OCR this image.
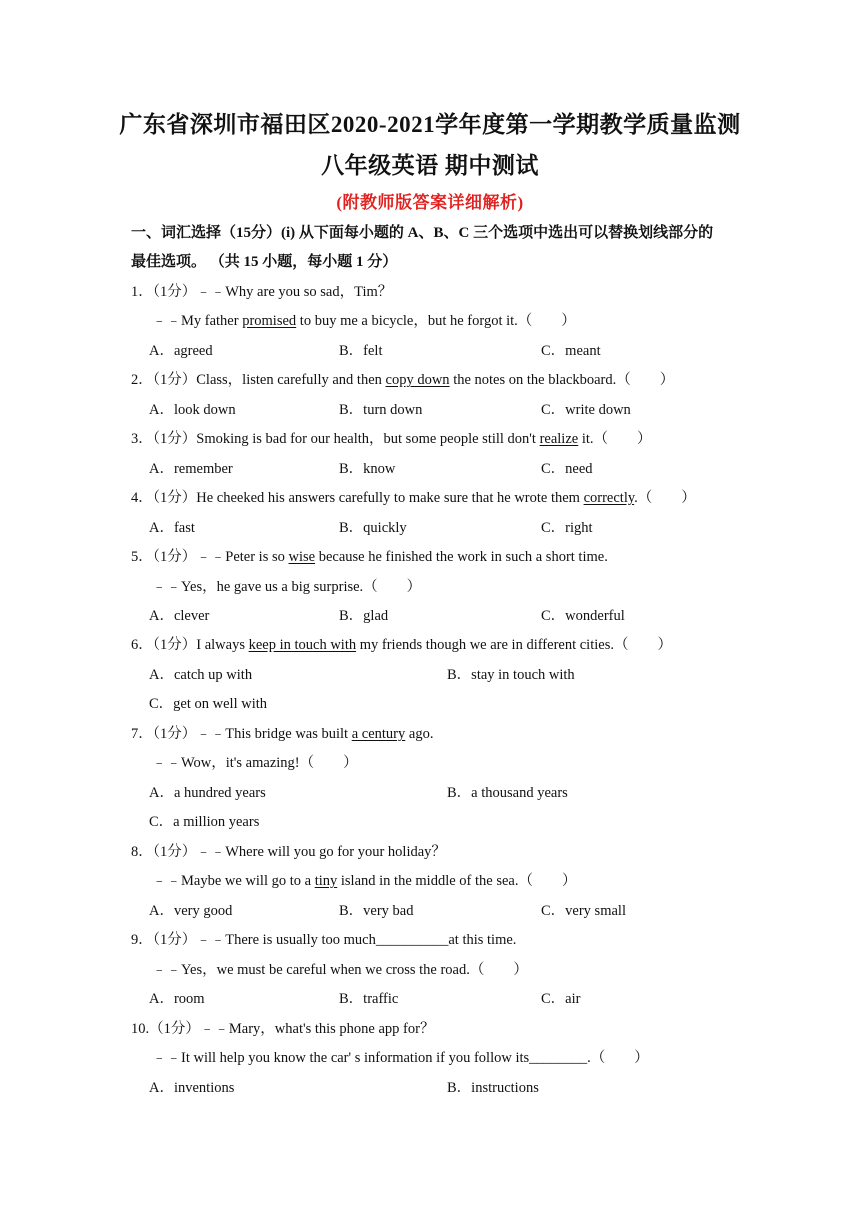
广东省深圳市福田区2020-2021学年度第一学期教学质量监测
八年级英语 期中测试
(附教师版答案详细解析)
一、词汇选择（15分）(i) 从下面每小题的 A、B、C 三个选项中选出可以替换划线部分的
最佳选项。 （共 15 小题，每小题 1 分）
1．（1分）﹣﹣Why are you so sad，Tim？
﹣﹣My father promised to buy me a bicycle，but he forgot it.（　　）
A．agreed	B．felt	C．meant
2．（1分）Class，listen carefully and then copy down the notes on the blackboard.（　　）
A．look down	B．turn down	C．write down
3．（1分）Smoking is bad for our health，but some people still don't realize it.（　　）
A．remember	B．know	C．need
4．（1分）He cheeked his answers carefully to make sure that he wrote them correctly.（　　）
A．fast	B．quickly	C．right
5．（1分）﹣﹣Peter is so wise because he finished the work in such a short time.
﹣﹣Yes，he gave us a big surprise.（　　）
A．clever	B．glad	C．wonderful
6．（1分）I always keep in touch with my friends though we are in different cities.（　　）
A．catch up with	B．stay in touch with
C．get on well with
7．（1分）﹣﹣This bridge was built a century ago.
﹣﹣Wow，it's amazing!（　　）
A．a hundred years	B．a thousand years
C．a million years
8．（1分）﹣﹣Where will you go for your holiday？
﹣﹣Maybe we will go to a tiny island in the middle of the sea.（　　）
A．very good	B．very bad	C．very small
9．（1分）﹣﹣There is usually too much__________at this time.
﹣﹣Yes，we must be careful when we cross the road.（　　）
A．room	B．traffic	C．air
10.（1分）﹣﹣Mary，what's this phone app for？
﹣﹣It will help you know the car' s information if you follow its________.（　　）
A．inventions	B．instructions
